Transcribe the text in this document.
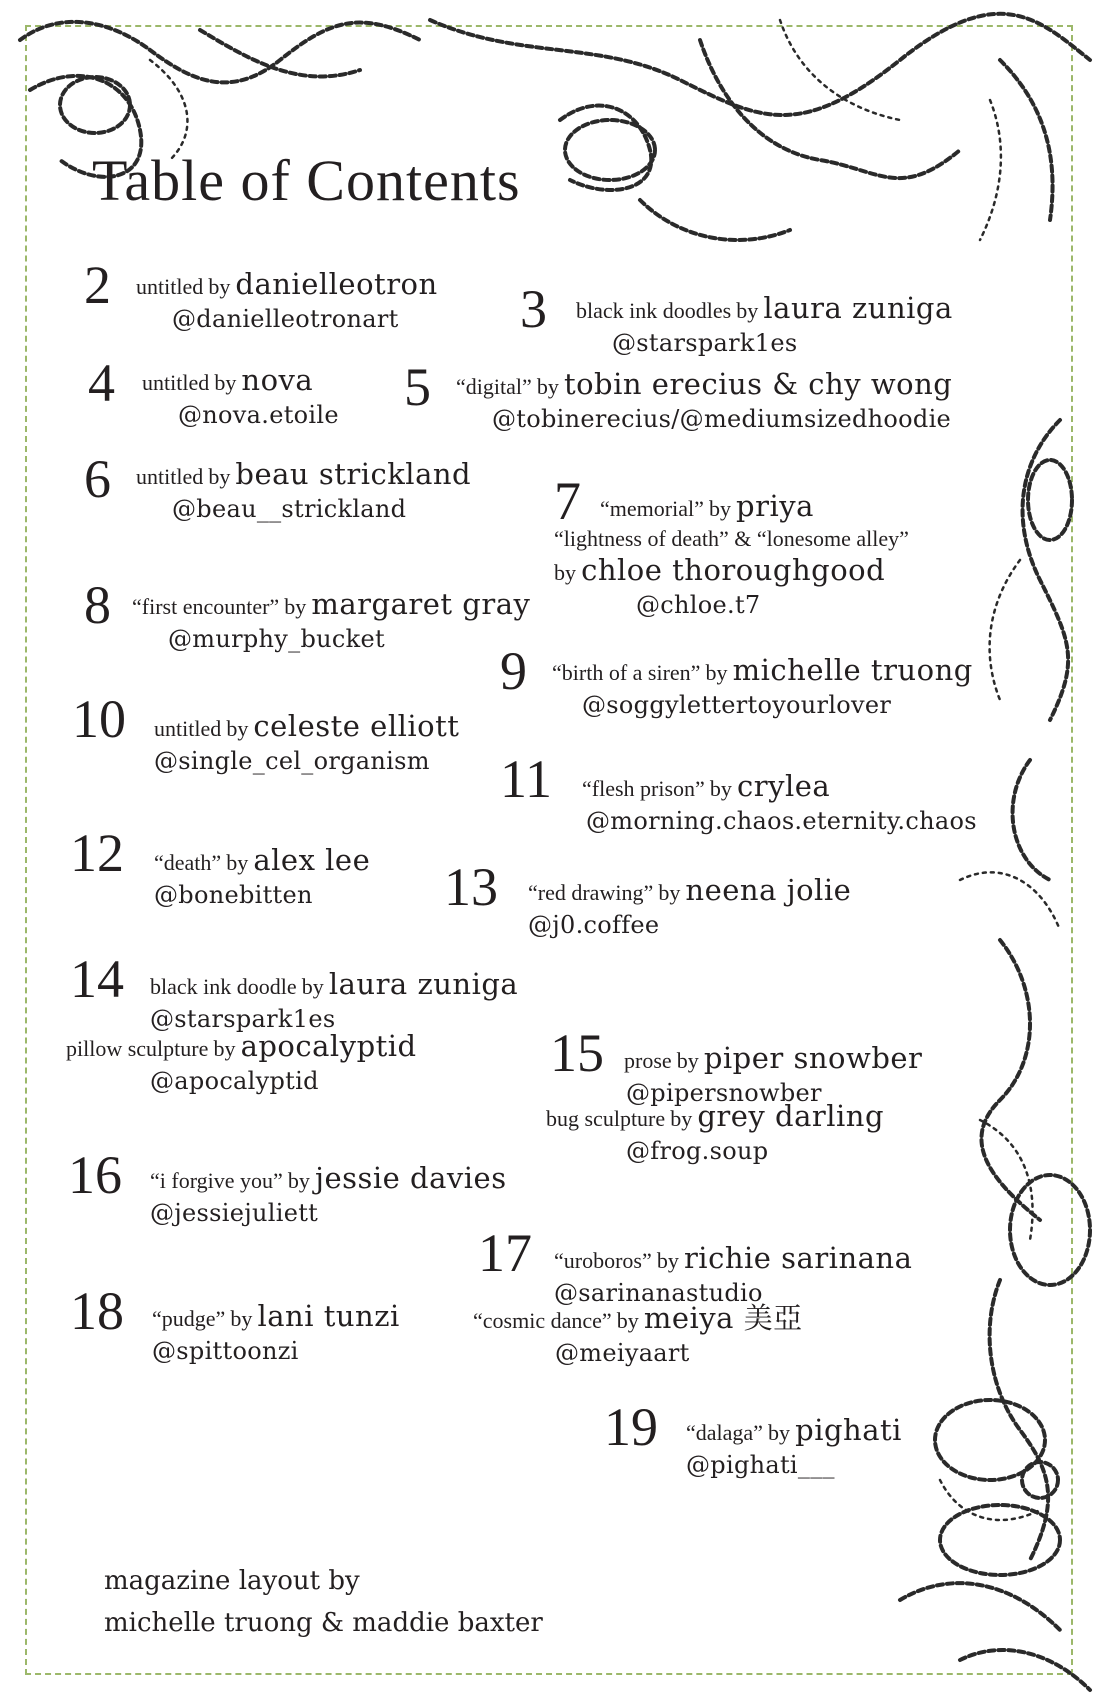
Table of Contents
2 untitled by danielleotron
@danielleotronart	3 black ink doodles by laura zuniga
@starspark1es
4 untitled by nova
@nova.etoile 5 “digital” by tobin erecius & chy wong
@tobinerecius/@mediumsizedhoodie
6 untitled by beau strickland
@beau__strickland	7 “memorial” by priya
“lightness of death” & “lonesome alley”
by chloe thoroughgood
@chloe.t7
8 “first encounter” by margaret gray
@murphy_bucket
9 “birth of a siren” by michelle truong
@soggylettertoyourlover
10 untitled by celeste elliott
@single_cel_organism	11 “flesh prison” by crylea
@morning.chaos.eternity.chaos
12 “death” by alex lee
@bonebitten	13 “red drawing” by neena jolie
@j0.coffee
14 black ink doodle by laura zuniga
@starspark1es
pillow sculpture by apocalyptid
@apocalyptid	15 prose by piper snowber
@pipersnowber
bug sculpture by grey darling
@frog.soup
16 “i forgive you” by jessie davies
@jessiejuliett
17 “uroboros” by richie sarinana
@sarinanastudio
“cosmic dance” by meiya 美亞
@meiyaart
18 “pudge” by lani tunzi
@spittoonzi
19 “dalaga” by pighati
@pighati___
magazine layout by
michelle truong & maddie baxter
